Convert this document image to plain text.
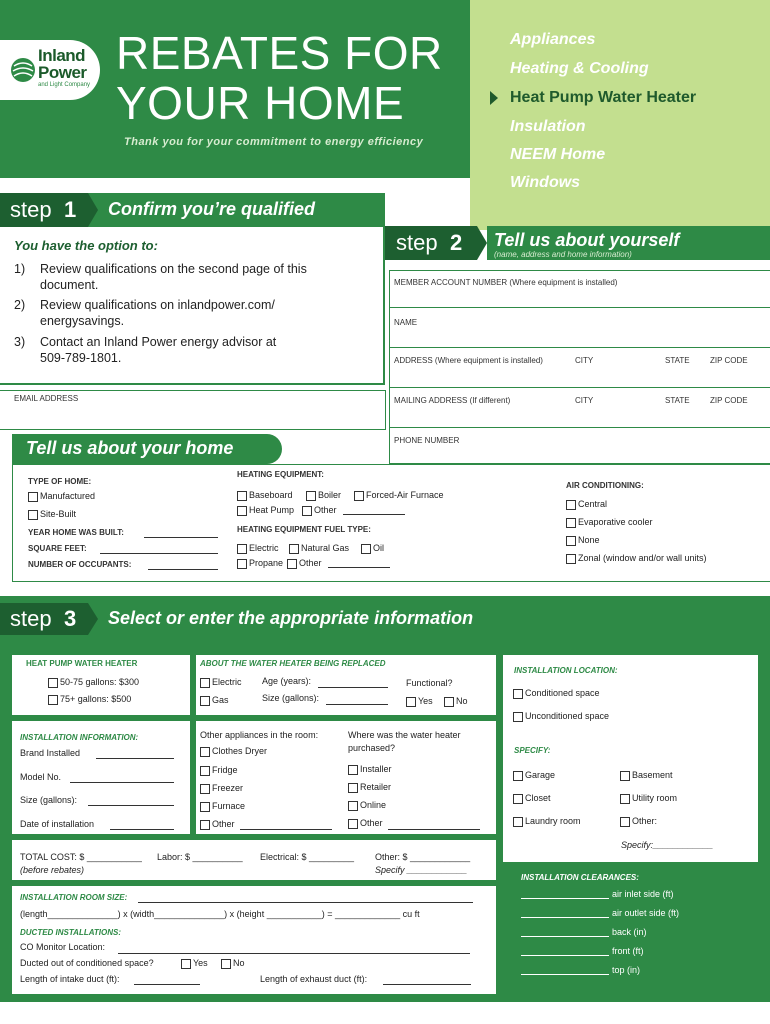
Inland
Power
and Light Company
REBATES FOR
YOUR HOME
Thank you for your commitment to energy efficiency
Appliances
Heating & Cooling
Heat Pump Water Heater
Insulation
NEEM Home
Windows
step 1 Confirm you’re qualified
You have the option to:
1) Review qualifications on the second page of this
document.
2) Review qualifications on inlandpower.com/
energysavings.
3) Contact an Inland Power energy advisor at
509-789-1801.
EMAIL ADDRESS
step 2 Tell us about yourself
(name, address and home information)
MEMBER ACCOUNT NUMBER (Where equipment is installed)
NAME
ADDRESS (Where equipment is installed)	CITY	STATE	ZIP CODE
MAILING ADDRESS (If different)	CITY	STATE	ZIP CODE
PHONE NUMBER
Tell us about your home
TYPE OF HOME:
Manufactured
Site-Built
YEAR HOME WAS BUILT:
SQUARE FEET:
NUMBER OF OCCUPANTS:
HEATING EQUIPMENT:
Baseboard	Boiler	Forced-Air Furnace
Heat Pump	Other
HEATING EQUIPMENT FUEL TYPE:
Electric	Natural Gas	Oil
Propane	Other
AIR CONDITIONING:
Central
Evaporative cooler
None
Zonal (window and/or wall units)
step 3 Select or enter the appropriate information
HEAT PUMP WATER HEATER
50-75 gallons: $300
75+ gallons: $500
ABOUT THE WATER HEATER BEING REPLACED
Electric
Gas
Age (years):
Size (gallons):
Functional?
Yes	No
INSTALLATION INFORMATION:
Brand Installed
Model No.
Size (gallons):
Date of installation
Other appliances in the room:
Clothes Dryer
Fridge
Freezer
Furnace
Other
Where was the water heater
purchased?
Installer
Retailer
Online
Other
INSTALLATION LOCATION:
Conditioned space
Unconditioned space
SPECIFY:
Garage
Closet
Laundry room
Basement
Utility room
Other:
Specify:____________
TOTAL COST: $ ___________
(before rebates)
Labor: $ __________ Electrical: $ _________ Other: $ ____________
Specify ____________
INSTALLATION ROOM SIZE:
(length______________) x (width______________) x (height ___________) = _____________ cu ft
DUCTED INSTALLATIONS:
CO Monitor Location:
Ducted out of conditioned space?	Yes	No
Length of intake duct (ft):	Length of exhaust duct (ft):
INSTALLATION CLEARANCES:
air inlet side (ft)
air outlet side (ft)
back (in)
front (ft)
top (in)
inlandpower.com	LAST UPDATED OCTOBER 2017
